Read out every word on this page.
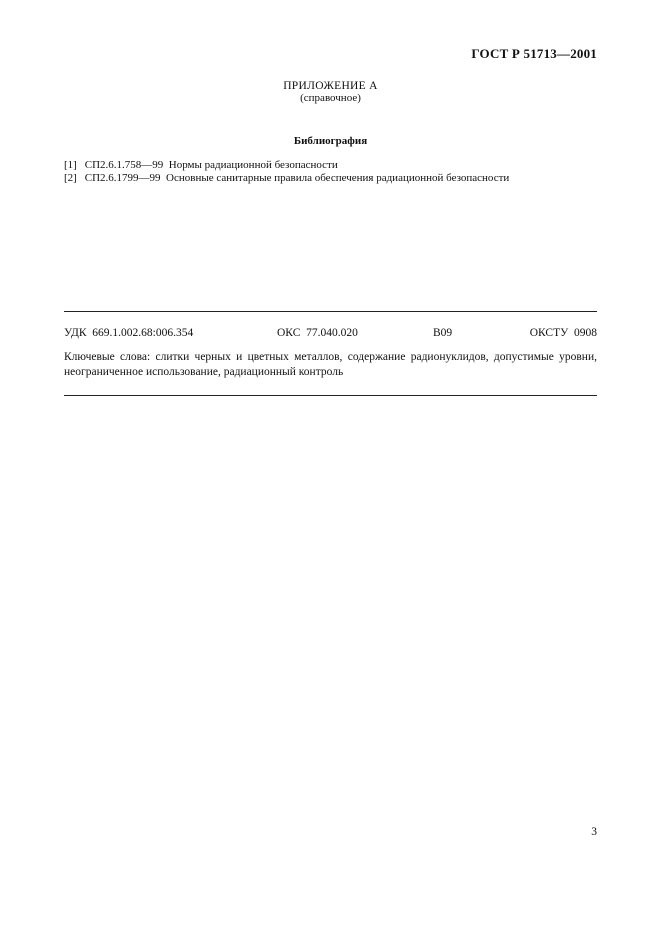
ГОСТ Р 51713—2001
ПРИЛОЖЕНИЕ А
(справочное)
Библиография
[1] СП2.6.1.758—99  Нормы радиационной безопасности
[2] СП2.6.1799—99  Основные санитарные правила обеспечения радиационной безопасности
УДК  669.1.002.68:006.354	ОКС  77.040.020	В09	ОКСТУ  0908
Ключевые слова: слитки черных и цветных металлов, содержание радионуклидов, допустимые уровни, неограниченное использование, радиационный контроль
3
